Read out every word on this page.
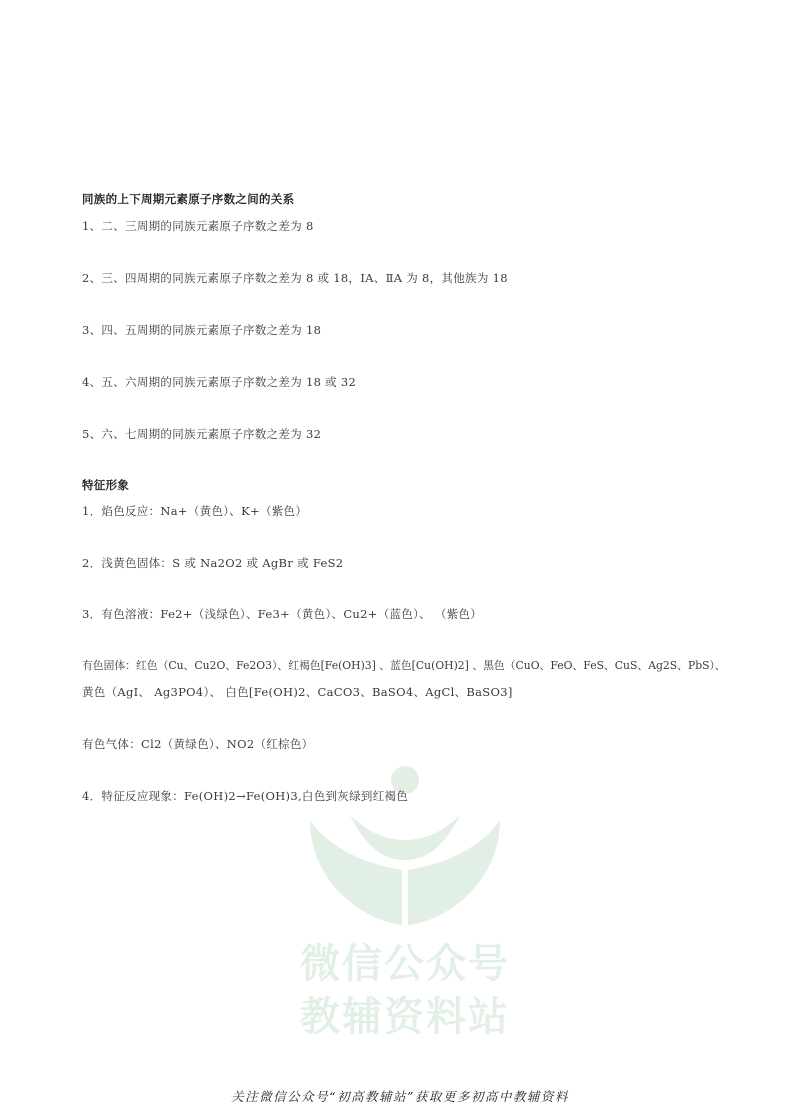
同族的上下周期元素原子序数之间的关系
1、二、三周期的同族元素原子序数之差为 8
2、三、四周期的同族元素原子序数之差为 8 或 18，ⅠA、ⅡA 为 8，其他族为 18
3、四、五周期的同族元素原子序数之差为 18
4、五、六周期的同族元素原子序数之差为 18 或 32
5、六、七周期的同族元素原子序数之差为 32
特征形象
1．焰色反应：Na+（黄色）、K+（紫色）
2．浅黄色固体：S 或 Na2O2 或 AgBr 或 FeS2
3．有色溶液：Fe2+（浅绿色）、Fe3+（黄色）、Cu2+（蓝色）、 （紫色）
有色固体：红色（Cu、Cu2O、Fe2O3）、红褐色[Fe(OH)3] 、蓝色[Cu(OH)2] 、黑色（CuO、FeO、FeS、CuS、Ag2S、PbS）、
黄色（AgI、 Ag3PO4）、 白色[Fe(OH)2、CaCO3、BaSO4、AgCl、BaSO3]
有色气体：Cl2（黄绿色）、NO2（红棕色）
4．特征反应现象：Fe(OH)2→Fe(OH)3,白色到灰绿到红褐色
微信公众号
教辅资料站
关注微信公众号“初高教辅站”获取更多初高中教辅资料
